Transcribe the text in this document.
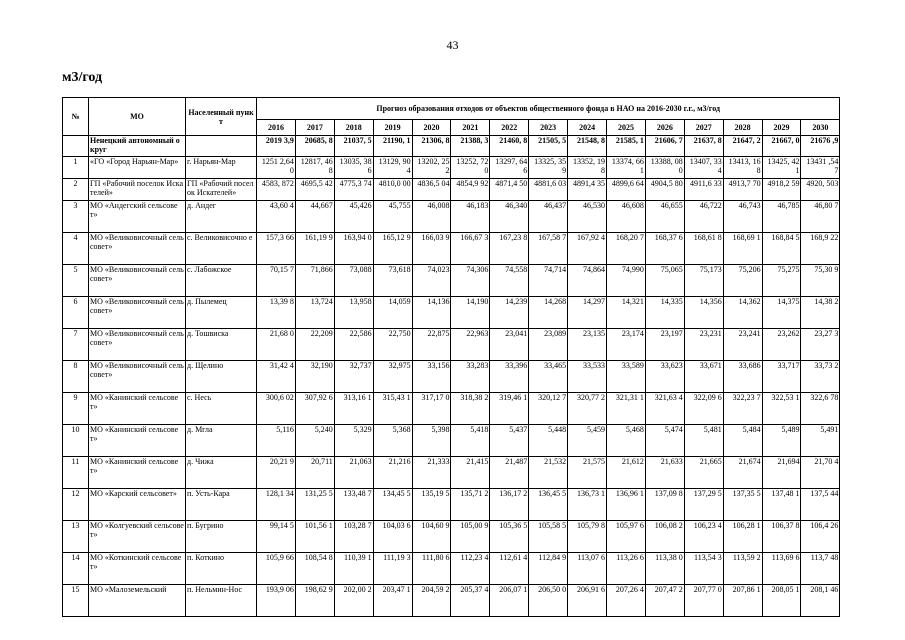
43
м3/год
№	МО	Населенный пункт	Прогноз образования отходов от объектов общественного фонда в НАО на 2016-2030 г.г., м3/год														
			2016	2017	2018	2019	2020	2021	2022	2023	2024	2025	2026	2027	2028	2029	2030
	Ненецкий автономный округ		2019 3,9	20685, 8	21037, 5	21190, 1	21306, 8	21388, 3	21460, 8	21505, 5	21548, 8	21585, 1	21606, 7	21637, 8	21647, 2	21667, 0	21676 ,9
1	«ГО «Город Нарьян-Мар»	г. Нарьян-Мар	1251 2,640	12817, 468	13035, 386	13129, 904	13202, 252	13252, 720	13297, 646	13325, 359	13352, 198	13374, 661	13388, 080	13407, 334	13413, 168	13425, 421	13431 ,547
2	ГП «Рабочий поселок Искателей»	ГП «Рабочий поселок Искателей»	4583, 872	4695,5 42	4775,3 74	4810,0 00	4836,5 04	4854,9 92	4871,4 50	4881,6 03	4891,4 35	4899,6 64	4904,5 80	4911,6 33	4913,7 70	4918,2 59	4920, 503
3	МО «Андегский сельсовет»	д. Андег	43,60 4	44,667	45,426	45,755	46,008	46,183	46,340	46,437	46,530	46,608	46,655	46,722	46,743	46,785	46,80 7
4	МО «Великовисочный сельсовет»	с. Великовисочно е	157,3 66	161,19 9	163,94 0	165,12 9	166,03 9	166,67 3	167,23 8	167,58 7	167,92 4	168,20 7	168,37 6	168,61 8	168,69 1	168,84 5	168,9 22
5	МО «Великовисочный сельсовет»	с. Лабожское	70,15 7	71,866	73,088	73,618	74,023	74,306	74,558	74,714	74,864	74,990	75,065	75,173	75,206	75,275	75,30 9
6	МО «Великовисочный сельсовет»	д. Пылемец	13,39 8	13,724	13,958	14,059	14,136	14,190	14,239	14,268	14,297	14,321	14,335	14,356	14,362	14,375	14,38 2
7	МО «Великовисочный сельсовет»	д. Тошвиска	21,68 0	22,209	22,586	22,750	22,875	22,963	23,041	23,089	23,135	23,174	23,197	23,231	23,241	23,262	23,27 3
8	МО «Великовисочный сельсовет»	д. Щелино	31,42 4	32,190	32,737	32,975	33,156	33,283	33,396	33,465	33,533	33,589	33,623	33,671	33,686	33,717	33,73 2
9	МО «Канинский сельсовет»	с. Несь	300,6 02	307,92 6	313,16 1	315,43 1	317,17 0	318,38 2	319,46 1	320,12 7	320,77 2	321,31 1	321,63 4	322,09 6	322,23 7	322,53 1	322,6 78
10	МО «Канинский сельсовет»	д. Мгла	5,116	5,240	5,329	5,368	5,398	5,418	5,437	5,448	5,459	5,468	5,474	5,481	5,484	5,489	5,491
11	МО «Канинский сельсовет»	д. Чижа	20,21 9	20,711	21,063	21,216	21,333	21,415	21,487	21,532	21,575	21,612	21,633	21,665	21,674	21,694	21,70 4
12	МО «Карский сельсовет»	п. Усть-Кара	128,1 34	131,25 5	133,48 7	134,45 5	135,19 5	135,71 2	136,17 2	136,45 5	136,73 1	136,96 1	137,09 8	137,29 5	137,35 5	137,48 1	137,5 44
13	МО «Колгуевский сельсовет»	п. Бугрино	99,14 5	101,56 1	103,28 7	104,03 6	104,60 9	105,00 9	105,36 5	105,58 5	105,79 8	105,97 6	106,08 2	106,23 4	106,28 1	106,37 8	106,4 26
14	МО «Коткинский сельсовет»	п. Коткино	105,9 66	108,54 8	110,39 1	111,19 3	111,80 6	112,23 4	112,61 4	112,84 9	113,07 6	113,26 6	113,38 0	113,54 3	113,59 2	113,69 6	113,7 48
15	МО «Малоземельский	п. Нельмин-Нос	193,9 06	198,62 9	202,00 2	203,47 1	204,59 2	205,37 4	206,07 1	206,50 0	206,91 6	207,26 4	207,47 2	207,77 0	207,86 1	208,05 1	208,1 46
